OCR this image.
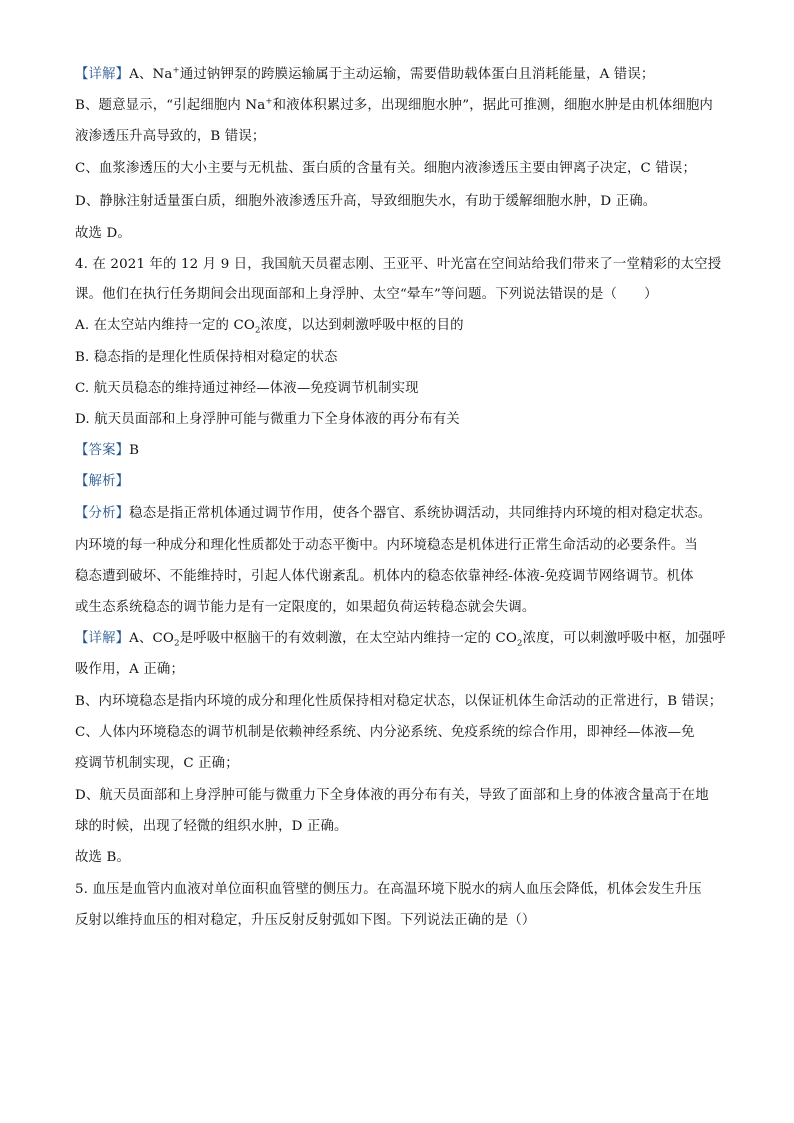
【详解】A、Na+通过钠钾泵的跨膜运输属于主动运输，需要借助载体蛋白且消耗能量，A 错误；
B、题意显示，“引起细胞内 Na+和液体积累过多，出现细胞水肿”，据此可推测，细胞水肿是由机体细胞内
液渗透压升高导致的，B 错误；
C、血浆渗透压的大小主要与无机盐、蛋白质的含量有关。细胞内液渗透压主要由钾离子决定，C 错误；
D、静脉注射适量蛋白质，细胞外液渗透压升高，导致细胞失水，有助于缓解细胞水肿，D 正确。
故选 D。
4. 在 2021 年的 12 月 9 日，我国航天员翟志刚、王亚平、叶光富在空间站给我们带来了一堂精彩的太空授
课。他们在执行任务期间会出现面部和上身浮肿、太空“晕车”等问题。下列说法错误的是（　　）
A. 在太空站内维持一定的 $CO_2$浓度，以达到刺激呼吸中枢的目的
B. 稳态指的是理化性质保持相对稳定的状态
C. 航天员稳态的维持通过神经—体液—免疫调节机制实现
D. 航天员面部和上身浮肿可能与微重力下全身体液的再分布有关
【答案】B
【解析】
【分析】稳态是指正常机体通过调节作用，使各个器官、系统协调活动，共同维持内环境的相对稳定状态。
内环境的每一种成分和理化性质都处于动态平衡中。内环境稳态是机体进行正常生命活动的必要条件。当
稳态遭到破坏、不能维持时，引起人体代谢紊乱。机体内的稳态依靠神经-体液-免疫调节网络调节。机体
或生态系统稳态的调节能力是有一定限度的，如果超负荷运转稳态就会失调。
【详解】A、$CO_2$是呼吸中枢脑干的有效刺激，在太空站内维持一定的 $CO_2$浓度，可以刺激呼吸中枢，加强呼
吸作用，A 正确；
B、内环境稳态是指内环境的成分和理化性质保持相对稳定状态，以保证机体生命活动的正常进行，B 错误；
C、人体内环境稳态的调节机制是依赖神经系统、内分泌系统、免疫系统的综合作用，即神经—体液—免
疫调节机制实现，C 正确；
D、航天员面部和上身浮肿可能与微重力下全身体液的再分布有关，导致了面部和上身的体液含量高于在地
球的时候，出现了轻微的组织水肿，D 正确。
故选 B。
5. 血压是血管内血液对单位面积血管壁的侧压力。在高温环境下脱水的病人血压会降低，机体会发生升压
反射以维持血压的相对稳定，升压反射反射弧如下图。下列说法正确的是（）
